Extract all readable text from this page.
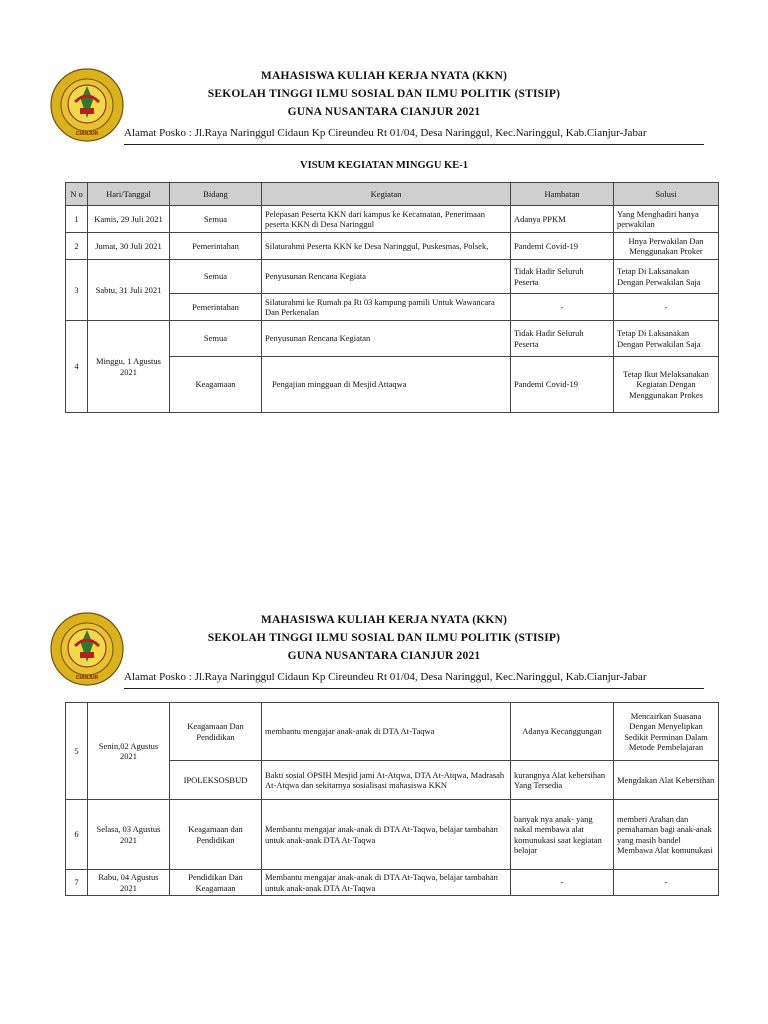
CIANJUR
MAHASISWA KULIAH KERJA NYATA (KKN)
SEKOLAH TINGGI ILMU SOSIAL DAN ILMU POLITIK (STISIP)
GUNA NUSANTARA CIANJUR 2021
Alamat Posko : Jl.Raya Naringgul Cidaun Kp Cireundeu Rt 01/04, Desa Naringgul, Kec.Naringgul, Kab.Cianjur-Jabar
VISUM KEGIATAN MINGGU KE-1
N o	Hari/Tanggal	Bidang	Kegiatan	Hambatan	Solusi
1	Kamis, 29 Juli 2021	Semua	Pelepasan Peserta KKN dari kampus ke Kecamatan, Penerimaan peserta KKN di Desa Naringgul	Adanya PPKM	Yang Menghadiri hanya perwakilan
2	Jumat, 30 Juli 2021	Pemerintahan	Silaturahmi Peserta KKN ke Desa Naringgul, Puskesmas, Polsek,	Pandemi Covid-19	Hnya Perwakilan Dan Menggunakan Proker
3	Sabtu, 31 Juli 2021	Semua	Penyusunan Rencana Kegiata	Tidak Hadir Seluruh Peserta	Tetap Di Laksanakan Dengan Perwakilan Saja
		Pemerintahan	Silaturahmi ke Rumah pa Rt 03 kampung pamili Untuk Wawancara Dan Perkenalan	-	-
4	Minggu, 1 Agustus 2021	Semua	Penyusunan Rencana Kegiatan	Tidak Hadir Seluruh Peserta	Tetap Di Laksanakan Dengan Perwakilan Saja
		Keagamaan	Pengajian mingguan di Mesjid Attaqwa	Pandemi Covid-19	Tetap Ikut Melaksanakan Kegiatan Dengan Menggunakan Prokes
CIANJUR
MAHASISWA KULIAH KERJA NYATA (KKN)
SEKOLAH TINGGI ILMU SOSIAL DAN ILMU POLITIK (STISIP)
GUNA NUSANTARA CIANJUR 2021
Alamat Posko : Jl.Raya Naringgul Cidaun Kp Cireundeu Rt 01/04, Desa Naringgul, Kec.Naringgul, Kab.Cianjur-Jabar
5	Senin,02 Agustus 2021	Keagamaan Dan Pendidikan	membantu mengajar anak-anak di DTA At-Taqwa	Adanya Kecanggungan	Mencairkan Suasana Dengan Menyelipkan Sedikit Perminan Dalam Metode Pembelajaran
		IPOLEKSOSBUD	Bakti sosial OPSIH Mesjid jami At-Atqwa, DTA At-Atqwa, Madrasah At-Atqwa dan sekitarnya sosialisasi mahasiswa KKN	kurangnya Alat kebersihan Yang Tersedia	Mengdakan Alat Kebersihan
6	Selasa, 03 Agustus 2021	Keagamaan dan Pendidikan	Membantu mengajar anak-anak di DTA At-Taqwa, belajar tambahan untuk anak-anak DTA At-Taqwa	banyak nya anak- yang nakal membawa alat komunukasi saat kegiatan belajar	memberi Arahan dan pemahaman bagi anak-anak yang masih bandel Membawa Alat komunukasi
7	Rabu, 04 Agustus 2021	Pendidikan Dan Keagamaan	Membantu mengajar anak-anak di DTA At-Taqwa, belajar tambahan untuk anak-anak DTA At-Taqwa	-	-
